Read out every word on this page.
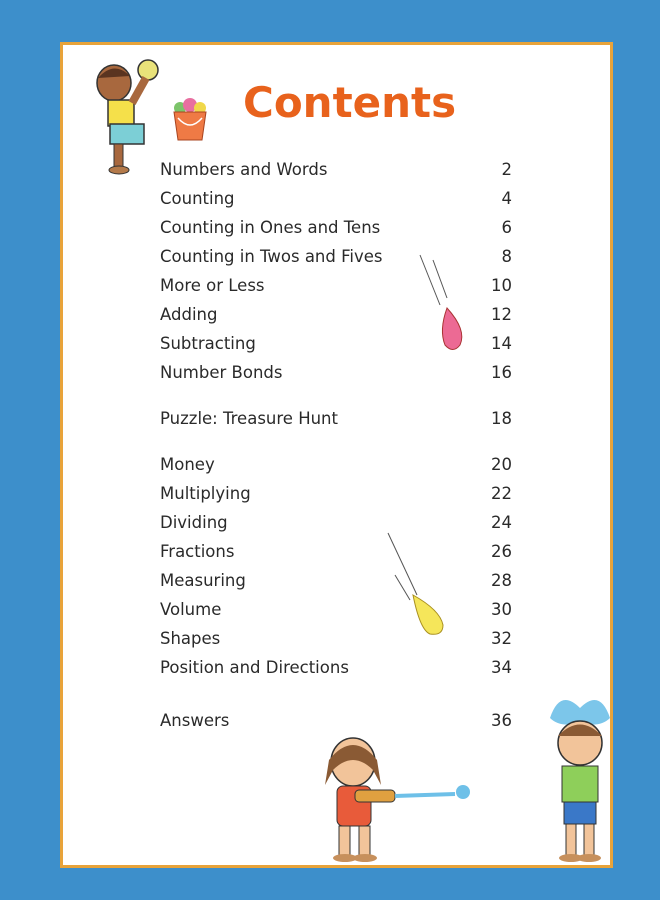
Contents
Numbers and Words	2
Counting	4
Counting in Ones and Tens	6
Counting in Twos and Fives	8
More or Less	10
Adding	12
Subtracting	14
Number Bonds	16
Puzzle: Treasure Hunt	18
Money	20
Multiplying	22
Dividing	24
Fractions	26
Measuring	28
Volume	30
Shapes	32
Position and Directions	34
Answers	36
